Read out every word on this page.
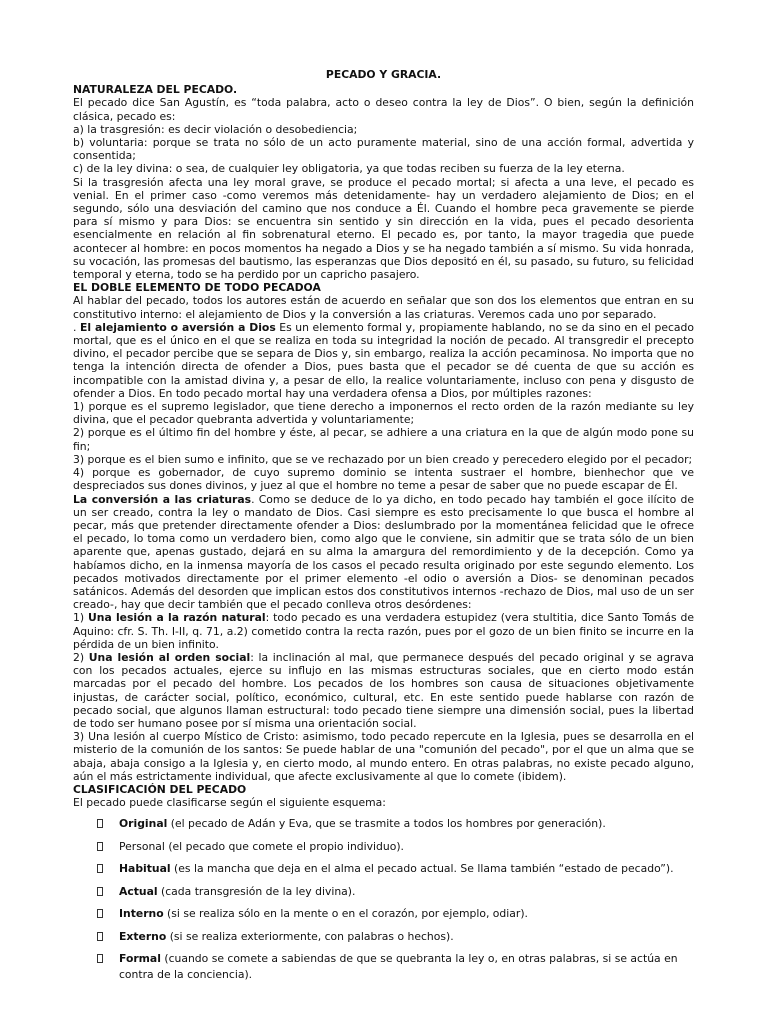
PECADO Y GRACIA.
NATURALEZA DEL PECADO.
El pecado dice San Agustín, es “toda palabra, acto o deseo contra la ley de Dios”. O bien, según la definición clásica, pecado es:
a) la trasgresión: es decir violación o desobediencia;
b) voluntaria: porque se trata no sólo de un acto puramente material, sino de una acción formal, advertida y consentida;
c) de la ley divina: o sea, de cualquier ley obligatoria, ya que todas reciben su fuerza de la ley eterna.
Si la trasgresión afecta una ley moral grave, se produce el pecado mortal; si afecta a una leve, el pecado es venial. En el primer caso -como veremos más detenidamente- hay un verdadero alejamiento de Dios; en el segundo, sólo una desviación del camino que nos conduce a Él. Cuando el hombre peca gravemente se pierde para sí mismo y para Dios: se encuentra sin sentido y sin dirección en la vida, pues el pecado desorienta esencialmente en relación al fin sobrenatural eterno. El pecado es, por tanto, la mayor tragedia que puede acontecer al hombre: en pocos momentos ha negado a Dios y se ha negado también a sí mismo. Su vida honrada, su vocación, las promesas del bautismo, las esperanzas que Dios depositó en él, su pasado, su futuro, su felicidad temporal y eterna, todo se ha perdido por un capricho pasajero.
EL DOBLE ELEMENTO DE TODO PECADOA
Al hablar del pecado, todos los autores están de acuerdo en señalar que son dos los elementos que entran en su constitutivo interno: el alejamiento de Dios y la conversión a las criaturas. Veremos cada uno por separado.
. El alejamiento o aversión a Dios Es un elemento formal y, propiamente hablando, no se da sino en el pecado mortal, que es el único en el que se realiza en toda su integridad la noción de pecado. Al transgredir el precepto divino, el pecador percibe que se separa de Dios y, sin embargo, realiza la acción pecaminosa. No importa que no tenga la intención directa de ofender a Dios, pues basta que el pecador se dé cuenta de que su acción es incompatible con la amistad divina y, a pesar de ello, la realice voluntariamente, incluso con pena y disgusto de ofender a Dios. En todo pecado mortal hay una verdadera ofensa a Dios, por múltiples razones:
1) porque es el supremo legislador, que tiene derecho a imponernos el recto orden de la razón mediante su ley divina, que el pecador quebranta advertida y voluntariamente;
2) porque es el último fin del hombre y éste, al pecar, se adhiere a una criatura en la que de algún modo pone su fin;
3) porque es el bien sumo e infinito, que se ve rechazado por un bien creado y perecedero elegido por el pecador;
4) porque es gobernador, de cuyo supremo dominio se intenta sustraer el hombre, bienhechor que ve despreciados sus dones divinos, y juez al que el hombre no teme a pesar de saber que no puede escapar de Él.
La conversión a las criaturas. Como se deduce de lo ya dicho, en todo pecado hay también el goce ilícito de un ser creado, contra la ley o mandato de Dios. Casi siempre es esto precisamente lo que busca el hombre al pecar, más que pretender directamente ofender a Dios: deslumbrado por la momentánea felicidad que le ofrece el pecado, lo toma como un verdadero bien, como algo que le conviene, sin admitir que se trata sólo de un bien aparente que, apenas gustado, dejará en su alma la amargura del remordimiento y de la decepción. Como ya habíamos dicho, en la inmensa mayoría de los casos el pecado resulta originado por este segundo elemento. Los pecados motivados directamente por el primer elemento -el odio o aversión a Dios- se denominan pecados satánicos. Además del desorden que implican estos dos constitutivos internos -rechazo de Dios, mal uso de un ser creado-, hay que decir también que el pecado conlleva otros desórdenes:
1) Una lesión a la razón natural: todo pecado es una verdadera estupidez (vera stultitia, dice Santo Tomás de Aquino: cfr. S. Th. I-II, q. 71, a.2) cometido contra la recta razón, pues por el gozo de un bien finito se incurre en la pérdida de un bien infinito.
2) Una lesión al orden social: la inclinación al mal, que permanece después del pecado original y se agrava con los pecados actuales, ejerce su influjo en las mismas estructuras sociales, que en cierto modo están marcadas por el pecado del hombre. Los pecados de los hombres son causa de situaciones objetivamente injustas, de carácter social, político, económico, cultural, etc. En este sentido puede hablarse con razón de pecado social, que algunos llaman estructural: todo pecado tiene siempre una dimensión social, pues la libertad de todo ser humano posee por sí misma una orientación social.
3) Una lesión al cuerpo Místico de Cristo: asimismo, todo pecado repercute en la Iglesia, pues se desarrolla en el misterio de la comunión de los santos: Se puede hablar de una "comunión del pecado", por el que un alma que se abaja, abaja consigo a la Iglesia y, en cierto modo, al mundo entero. En otras palabras, no existe pecado alguno, aún el más estrictamente individual, que afecte exclusivamente al que lo comete (ibidem).
CLASIFICACIÓN DEL PECADO
El pecado puede clasificarse según el siguiente esquema:
Original (el pecado de Adán y Eva, que se trasmite a todos los hombres por generación).
Personal (el pecado que comete el propio individuo).
Habitual (es la mancha que deja en el alma el pecado actual. Se llama también “estado de pecado”).
Actual (cada transgresión de la ley divina).
Interno (si se realiza sólo en la mente o en el corazón, por ejemplo, odiar).
Externo (si se realiza exteriormente, con palabras o hechos).
Formal (cuando se comete a sabiendas de que se quebranta la ley o, en otras palabras, si se actúa en contra de la conciencia).
